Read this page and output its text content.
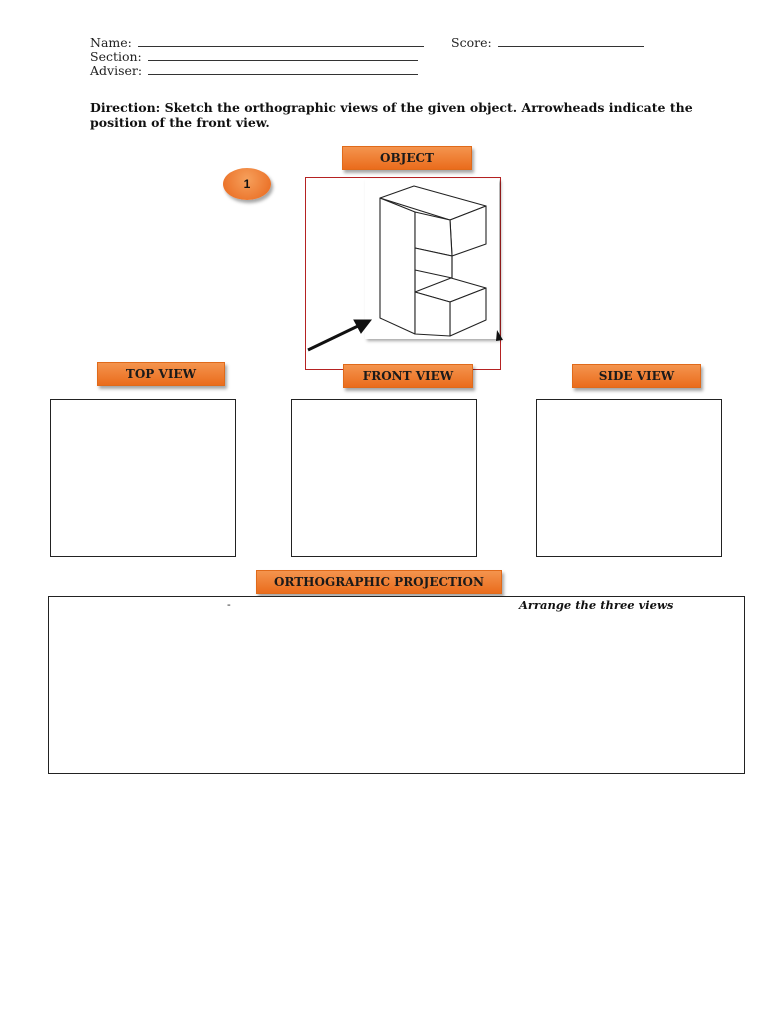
Name:	Score:
Section:
Adviser:
Direction: Sketch the orthographic views of the given object. Arrowheads indicate the position of the front view.
OBJECT
1
TOP VIEW	FRONT VIEW	SIDE VIEW
ORTHOGRAPHIC PROJECTION
-	Arrange the three views
